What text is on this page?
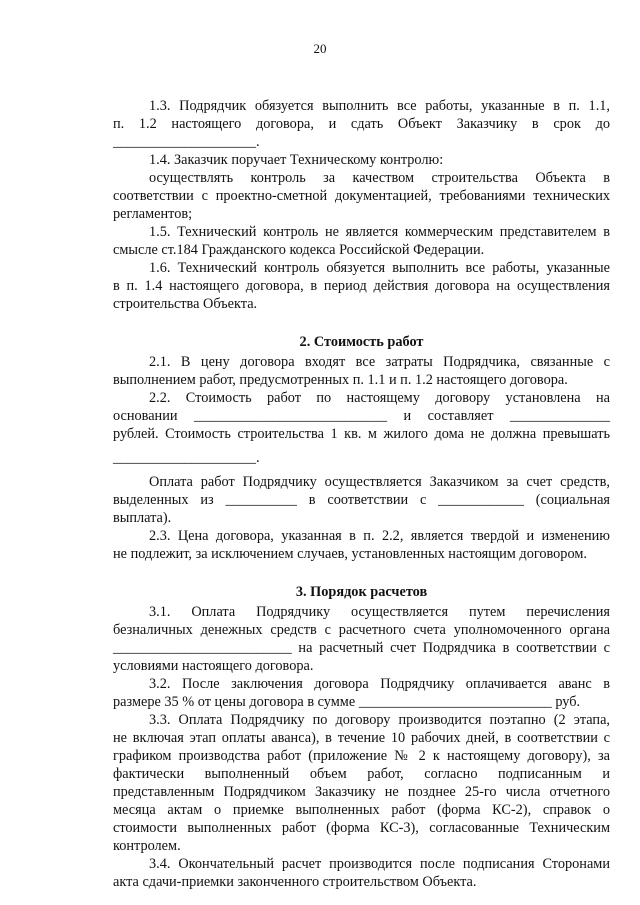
20

1.3. Подрядчик обязуется выполнить все работы, указанные в п. 1.1,

п. 1.2 настоящего договора, и сдать Объект Заказчику в срок до

____________________.

1.4. Заказчик поручает Техническому контролю:

осуществлять контроль за качеством строительства Объекта в

соответствии с проектно-сметной документацией, требованиями технических

регламентов;

1.5. Технический контроль не является коммерческим представителем в

смысле ст.184 Гражданского кодекса Российской Федерации.

1.6. Технический контроль обязуется выполнить все работы, указанные

в п. 1.4 настоящего договора, в период действия договора на осуществления

строительства Объекта.

2. Стоимость работ

2.1. В цену договора входят все затраты Подрядчика, связанные с

выполнением работ, предусмотренных п. 1.1 и п. 1.2 настоящего договора.

2.2. Стоимость работ по настоящему договору установлена на

основании ___________________________ и составляет ______________

рублей. Стоимость строительства 1 кв. м жилого дома не должна превышать

____________________.

Оплата работ Подрядчику осуществляется Заказчиком за счет средств,

выделенных из __________ в соответствии с ____________ (социальная

выплата).

2.3. Цена договора, указанная в п. 2.2, является твердой и изменению

не подлежит, за исключением случаев, установленных настоящим договором.

3. Порядок расчетов

3.1. Оплата Подрядчику осуществляется путем перечисления

безналичных денежных средств с расчетного счета уполномоченного органа

_________________________ на расчетный счет Подрядчика в соответствии с

условиями настоящего договора.

3.2. После заключения договора Подрядчику оплачивается аванс в

размере 35 % от цены договора в сумме ___________________________ руб.

3.3. Оплата Подрядчику по договору производится поэтапно (2 этапа,

не включая этап оплаты аванса), в течение 10 рабочих дней, в соответствии с

графиком производства работ (приложение № 2 к настоящему договору), за

фактически выполненный объем работ, согласно подписанным и

представленным Подрядчиком Заказчику не позднее 25-го числа отчетного

месяца актам о приемке выполненных работ (форма КС-2), справок о

стоимости выполненных работ (форма КС-3), согласованные Техническим

контролем.

3.4. Окончательный расчет производится после подписания Сторонами

акта сдачи-приемки законченного строительством Объекта.
